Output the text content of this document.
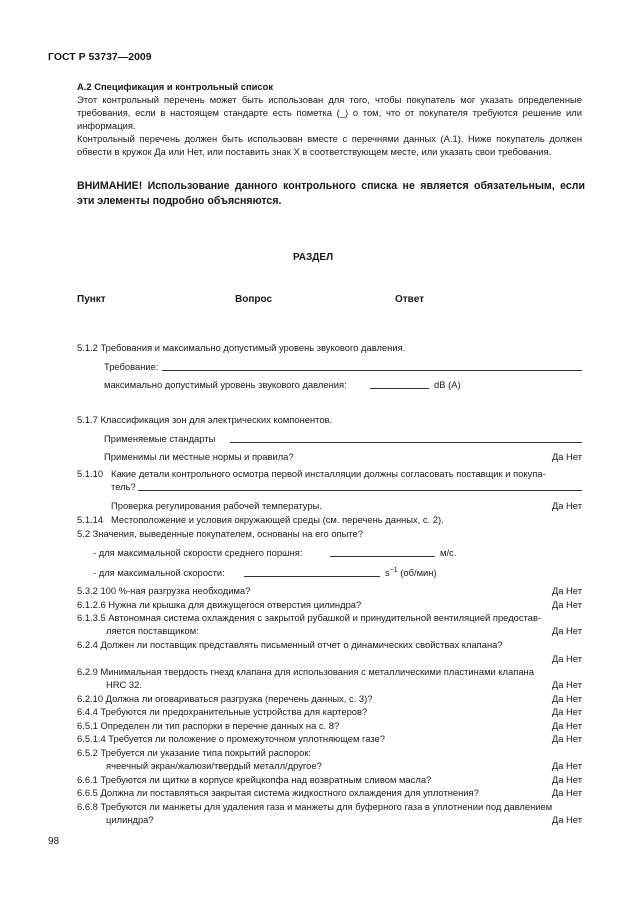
ГОСТ Р 53737—2009
А.2 Спецификация и контрольный список
Этот контрольный перечень может быть использован для того, чтобы покупатель мог указать определенные требования, если в настоящем стандарте есть пометка (_) о том, что от покупателя требуются решение или информация.
Контрольный перечень должен быть использован вместе с перечнями данных (А.1). Ниже покупатель должен обвести в кружок Да или Нет, или поставить знак X в соответствующем месте, или указать свои требования.
ВНИМАНИЕ! Использование данного контрольного списка не является обязательным, если эти элементы подробно объясняются.
РАЗДЕЛ
Пункт	Вопрос	Ответ
5.1.2 Требования и максимально допустимый уровень звукового давления.
Требование:
максимально допустимый уровень звукового давления:	dB (A)
5.1.7 Классификация зон для электрических компонентов.
Применяемые стандарты
Применимы ли местные нормы и правила?	Да Нет
5.1.10 Какие детали контрольного осмотра первой инсталляции должны согласовать поставщик и покупа-
тель?
Проверка регулирования рабочей температуры.	Да Нет
5.1.14 Местоположение и условия окружающей среды (см. перечень данных, с. 2).
5.2 Значения, выведенные покупателем, основаны на его опыте?
- для максимальной скорости среднего поршня:	м/с.
- для максимальной скорости:	$s^{-1}$ (об/мин)
5.3.2 100 %-ная разгрузка необходима?	Да Нет
6.1.2.6 Нужна ли крышка для движущегося отверстия цилиндра?	Да Нет
6.1.3.5 Автономная система охлаждения с закрытой рубашкой и принудительной вентиляцией предостав-
ляется поставщиком:	Да Нет
6.2.4 Должен ли поставщик представлять письменный отчет о динамических свойствах клапана?
Да Нет
6.2.9 Минимальная твердость гнезд клапана для использования с металлическими пластинами клапана
HRC 32.	Да Нет
6.2.10 Должна ли оговариваться разгрузка (перечень данных, с. 3)?	Да Нет
6.4.4 Требуются ли предохранительные устройства для картеров?	Да Нет
6.5.1 Определен ли тип распорки в перечне данных на с. 8?	Да Нет
6.5.1.4 Требуется ли положение о промежуточном уплотняющем газе?	Да Нет
6.5.2 Требуется ли указание типа покрытий распорок:
ячеечный экран/жалюзи/твердый металл/другое?	Да Нет
6.6.1 Требуются ли щитки в корпусе крейцкопфа над возвратным сливом масла?	Да Нет
6.6.5 Должна ли поставляться закрытая система жидкостного охлаждения для уплотнения?	Да Нет
6.6.8 Требуются ли манжеты для удаления газа и манжеты для буферного газа в уплотнении под давлением
цилиндра?	Да Нет
98
